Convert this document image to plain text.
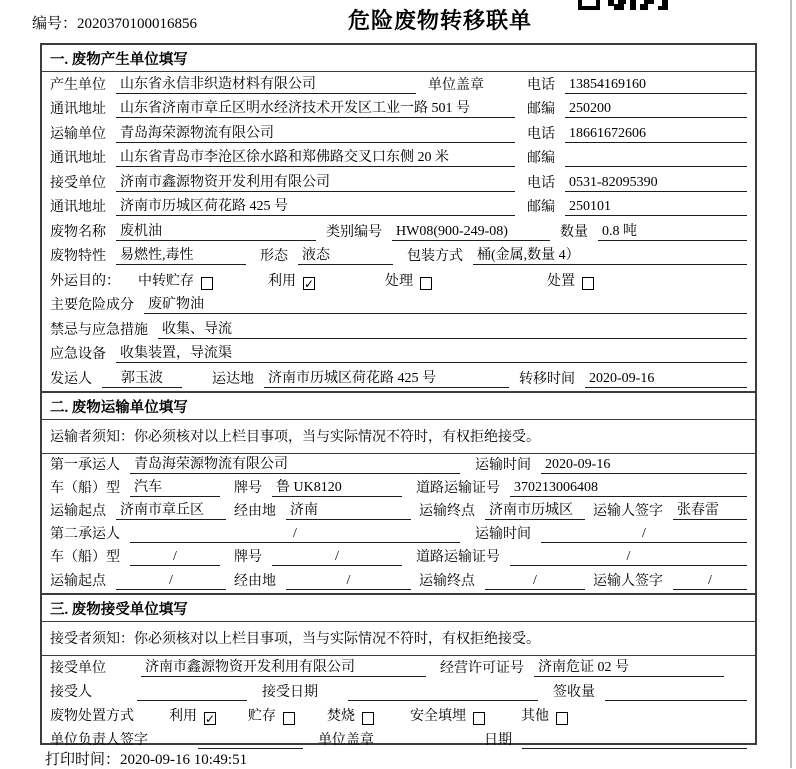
编号：2020370100016856	危险废物转移联单
一. 废物产生单位填写
产生单位 山东省永信非织造材料有限公司	单位盖章	电话 13854169160
通讯地址 山东省济南市章丘区明水经济技术开发区工业一路 501 号	邮编 250200
运输单位 青岛海荣源物流有限公司	电话 18661672606
通讯地址 山东省青岛市李沧区徐水路和郑佛路交叉口东侧 20 米	邮编
接受单位 济南市鑫源物资开发利用有限公司	电话 0531-82095390
通讯地址 济南市历城区荷花路 425 号	邮编 250101
废物名称 废机油	类别编号 HW08(900-249-08)	数量 0.8 吨
废物特性 易燃性,毒性	形态 液态	包装方式 桶(金属,数量 4）
外运目的： 中转贮存	利用 ✓	处理	处置
主要危险成分 废矿物油
禁忌与应急措施 收集、导流
应急设备 收集装置，导流渠
发运人	郭玉波	运达地 济南市历城区荷花路 425 号	转移时间 2020-09-16
二. 废物运输单位填写
运输者须知：你必须核对以上栏目事项，当与实际情况不符时，有权拒绝接受。
第一承运人 青岛海荣源物流有限公司	运输时间 2020-09-16
车（船）型 汽车	牌号 鲁 UK8120	道路运输证号 370213006408
运输起点 济南市章丘区	经由地 济南	运输终点 济南市历城区	运输人签字 张春雷
第二承运人	/	运输时间	/
车（船）型	/	牌号	/	道路运输证号	/
运输起点	/	经由地	/	运输终点	/	运输人签字	/
三. 废物接受单位填写
接受者须知：你必须核对以上栏目事项，当与实际情况不符时，有权拒绝接受。
接受单位	济南市鑫源物资开发利用有限公司	经营许可证号 济南危证 02 号
接受人	接受日期	签收量
废物处置方式	利用 ✓ 贮存	焚烧	安全填埋	其他
单位负责人签字	单位盖章	日期
打印时间：2020-09-16 10:49:51
